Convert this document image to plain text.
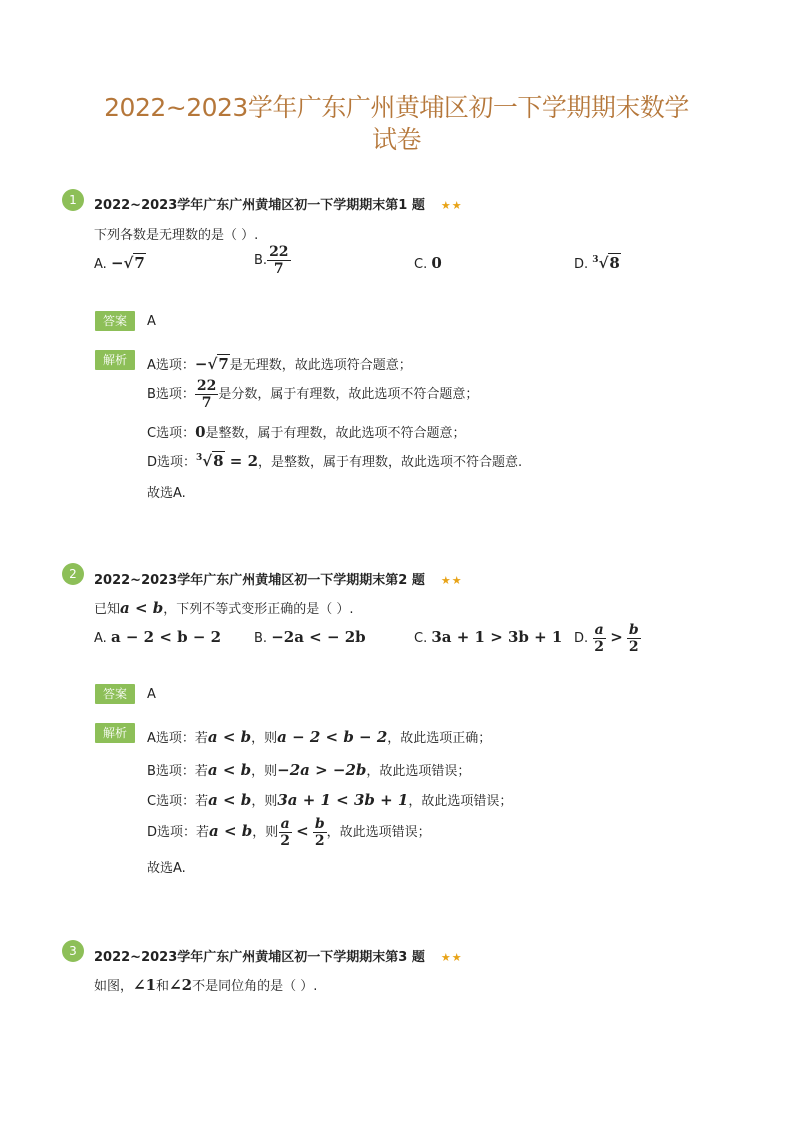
2022~2023学年广东广州黄埔区初一下学期期末数学
试卷
1	2022~2023学年广东广州黄埔区初一下学期期末第1 题 ★★
下列各数是无理数的是（ ）.
A. −√7	B. $\frac{22}{7}$	C. 0	D. $^3$√8
答案	A
解析	A选项：−√7是无理数，故此选项符合题意；
B选项： $\frac{22}{7}$ 是分数，属于有理数，故此选项不符合题意；
C选项：0是整数，属于有理数，故此选项不符合题意；
D选项：$^3$√8 = 2，是整数，属于有理数，故此选项不符合题意.
故选A.
2	2022~2023学年广东广州黄埔区初一下学期期末第2 题 ★★
已知a < b，下列不等式变形正确的是（ ）.
A. a − 2 < b − 2	B. −2a < − 2b	C. 3a + 1 > 3b + 1 D. $\frac{a}{2} > \frac{b}{2}$
答案	A
解析	A选项：若a < b，则a − 2 < b − 2，故此选项正确；
B选项：若a < b，则−2a > −2b，故此选项错误；
C选项：若a < b，则3a + 1 < 3b + 1，故此选项错误；
D选项：若a < b，则 $\frac{a}{2} < \frac{b}{2}$ ，故此选项错误；
故选A.
3	2022~2023学年广东广州黄埔区初一下学期期末第3 题 ★★
如图，∠1和∠2不是同位角的是（ ）.
